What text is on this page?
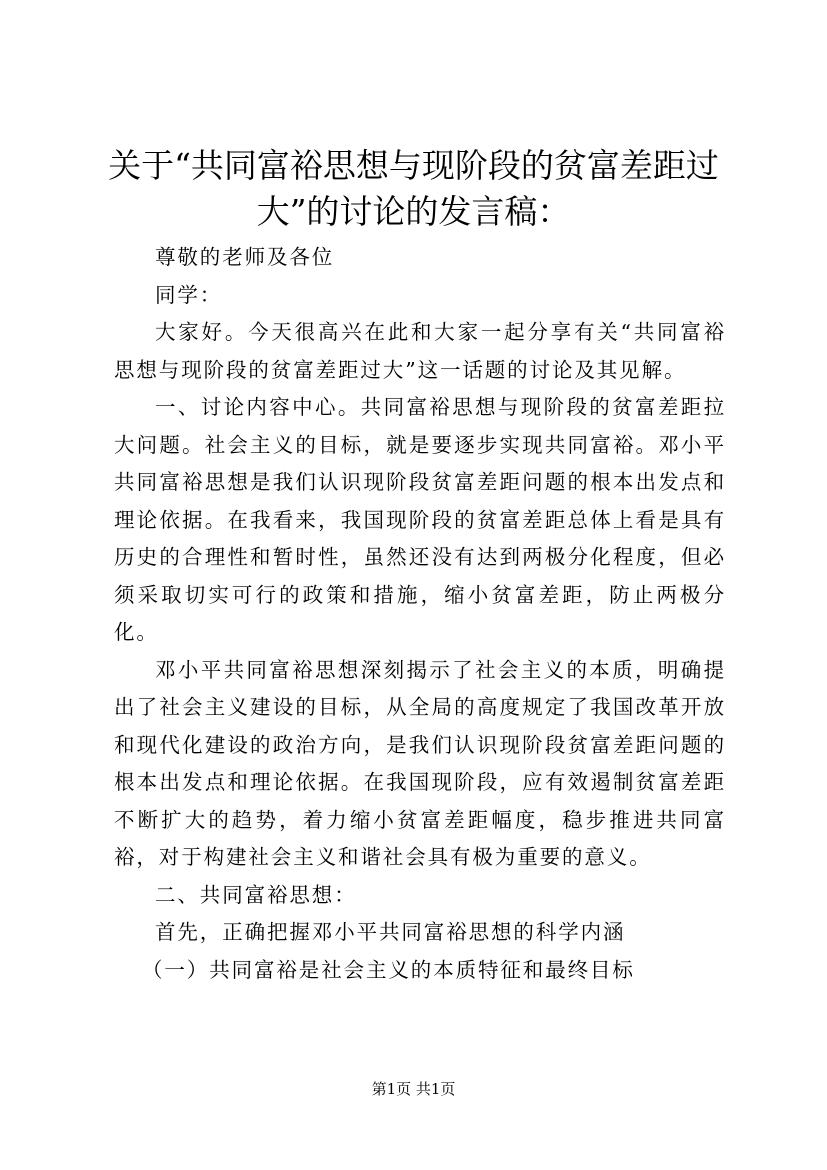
关于“共同富裕思想与现阶段的贫富差距过大”的讨论的发言稿：

尊敬的老师及各位

同学：

大家好。今天很高兴在此和大家一起分享有关“共同富裕思想与现阶段的贫富差距过大”这一话题的讨论及其见解。

一、讨论内容中心。共同富裕思想与现阶段的贫富差距拉大问题。社会主义的目标，就是要逐步实现共同富裕。邓小平共同富裕思想是我们认识现阶段贫富差距问题的根本出发点和理论依据。在我看来，我国现阶段的贫富差距总体上看是具有历史的合理性和暂时性，虽然还没有达到两极分化程度，但必须采取切实可行的政策和措施，缩小贫富差距，防止两极分化。

邓小平共同富裕思想深刻揭示了社会主义的本质，明确提出了社会主义建设的目标，从全局的高度规定了我国改革开放和现代化建设的政治方向，是我们认识现阶段贫富差距问题的根本出发点和理论依据。在我国现阶段，应有效遏制贫富差距不断扩大的趋势，着力缩小贫富差距幅度，稳步推进共同富裕，对于构建社会主义和谐社会具有极为重要的意义。

二、共同富裕思想：

首先，正确把握邓小平共同富裕思想的科学内涵

（一）共同富裕是社会主义的本质特征和最终目标

第1页 共1页
